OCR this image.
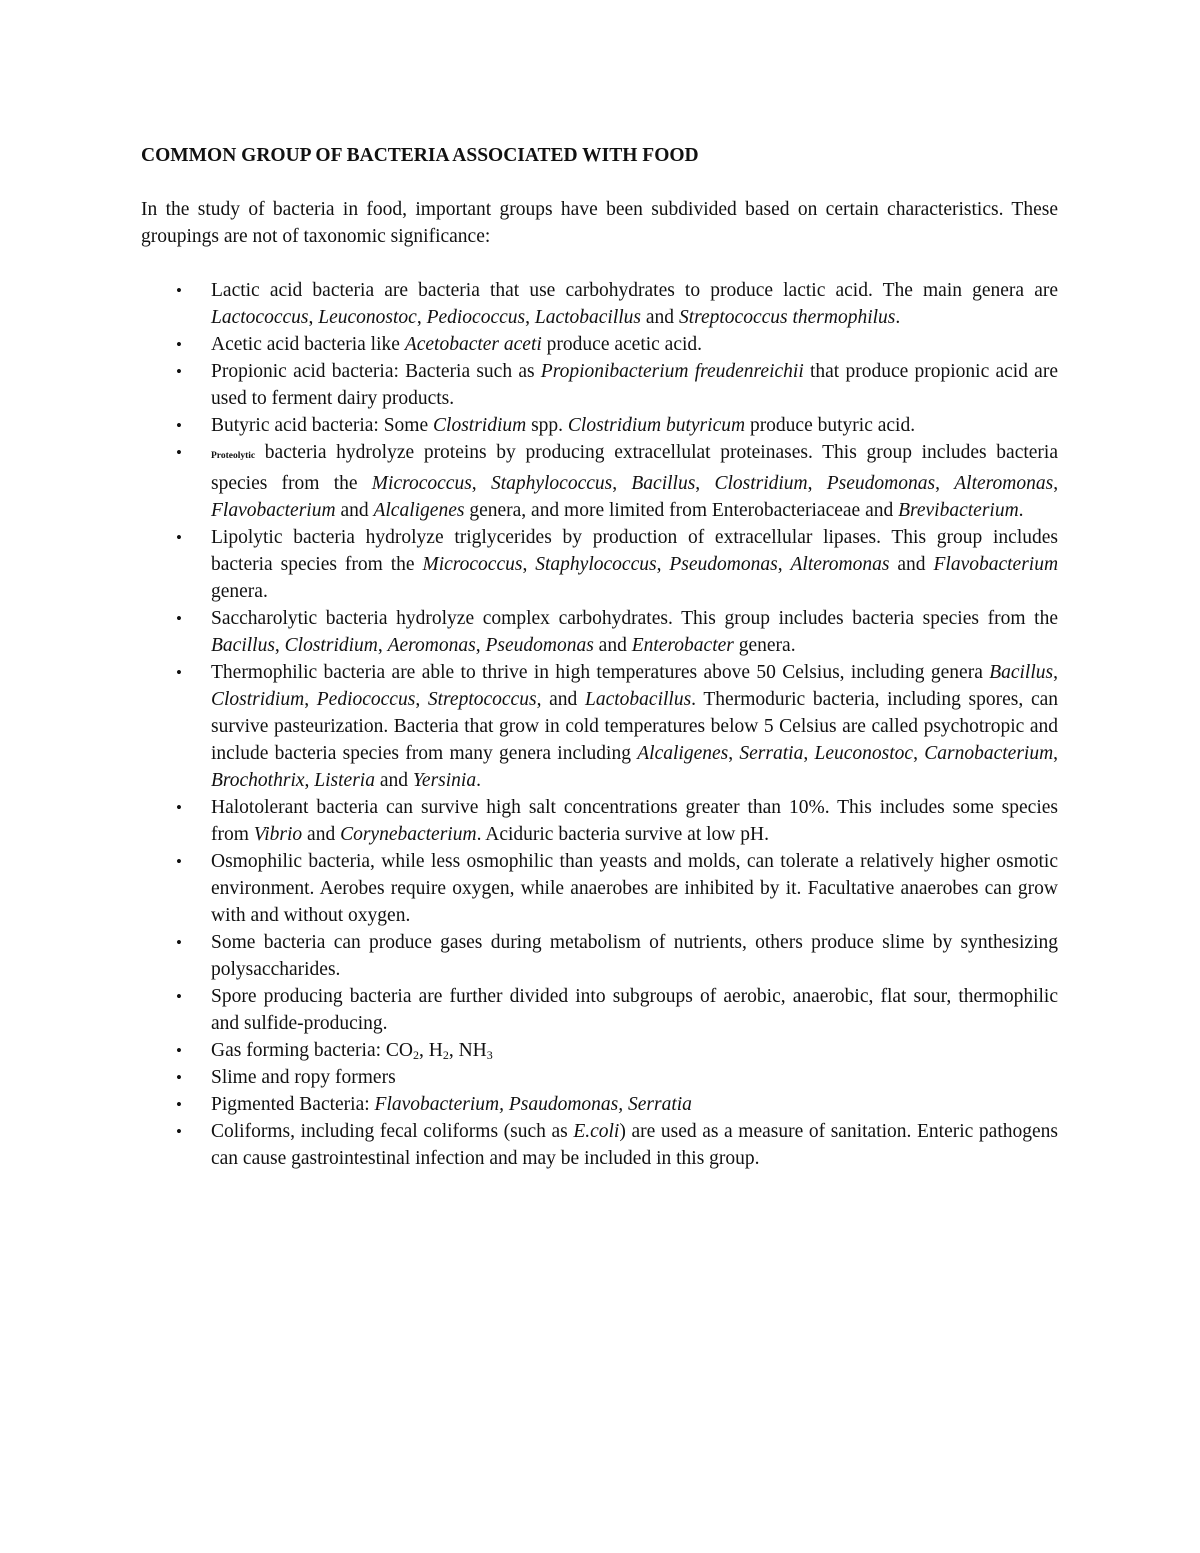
COMMON GROUP OF BACTERIA ASSOCIATED WITH FOOD

In the study of bacteria in food, important groups have been subdivided based on certain characteristics. These groupings are not of taxonomic significance:

•	Lactic acid bacteria are bacteria that use carbohydrates to produce lactic acid. The main genera are Lactococcus, Leuconostoc, Pediococcus, Lactobacillus and Streptococcus thermophilus.
•	Acetic acid bacteria like Acetobacter aceti produce acetic acid.
•	Propionic acid bacteria: Bacteria such as Propionibacterium freudenreichii that produce propionic acid are used to ferment dairy products.
•	Butyric acid bacteria: Some Clostridium spp. Clostridium butyricum produce butyric acid.
•	Proteolytic bacteria hydrolyze proteins by producing extracellulat proteinases. This group includes bacteria species from the Micrococcus, Staphylococcus, Bacillus, Clostridium, Pseudomonas, Alteromonas, Flavobacterium and Alcaligenes genera, and more limited from Enterobacteriaceae and Brevibacterium.
•	Lipolytic bacteria hydrolyze triglycerides by production of extracellular lipases. This group includes bacteria species from the Micrococcus, Staphylococcus, Pseudomonas, Alteromonas and Flavobacterium genera.
•	Saccharolytic bacteria hydrolyze complex carbohydrates. This group includes bacteria species from the Bacillus, Clostridium, Aeromonas, Pseudomonas and Enterobacter genera.
•	Thermophilic bacteria are able to thrive in high temperatures above 50 Celsius, including genera Bacillus, Clostridium, Pediococcus, Streptococcus, and Lactobacillus. Thermoduric bacteria, including spores, can survive pasteurization. Bacteria that grow in cold temperatures below 5 Celsius are called psychotropic and include bacteria species from many genera including Alcaligenes, Serratia, Leuconostoc, Carnobacterium, Brochothrix, Listeria and Yersinia.
•	Halotolerant bacteria can survive high salt concentrations greater than 10%. This includes some species from Vibrio and Corynebacterium. Aciduric bacteria survive at low pH.
•	Osmophilic bacteria, while less osmophilic than yeasts and molds, can tolerate a relatively higher osmotic environment. Aerobes require oxygen, while anaerobes are inhibited by it. Facultative anaerobes can grow with and without oxygen.
•	Some bacteria can produce gases during metabolism of nutrients, others produce slime by synthesizing polysaccharides.
•	Spore producing bacteria are further divided into subgroups of aerobic, anaerobic, flat sour, thermophilic and sulfide-producing.
•	Gas forming bacteria: $CO_2$, $H_2$, $NH_3$
•	Slime and ropy formers
•	Pigmented Bacteria: Flavobacterium, Psaudomonas, Serratia
•	Coliforms, including fecal coliforms (such as E.coli) are used as a measure of sanitation. Enteric pathogens can cause gastrointestinal infection and may be included in this group.
